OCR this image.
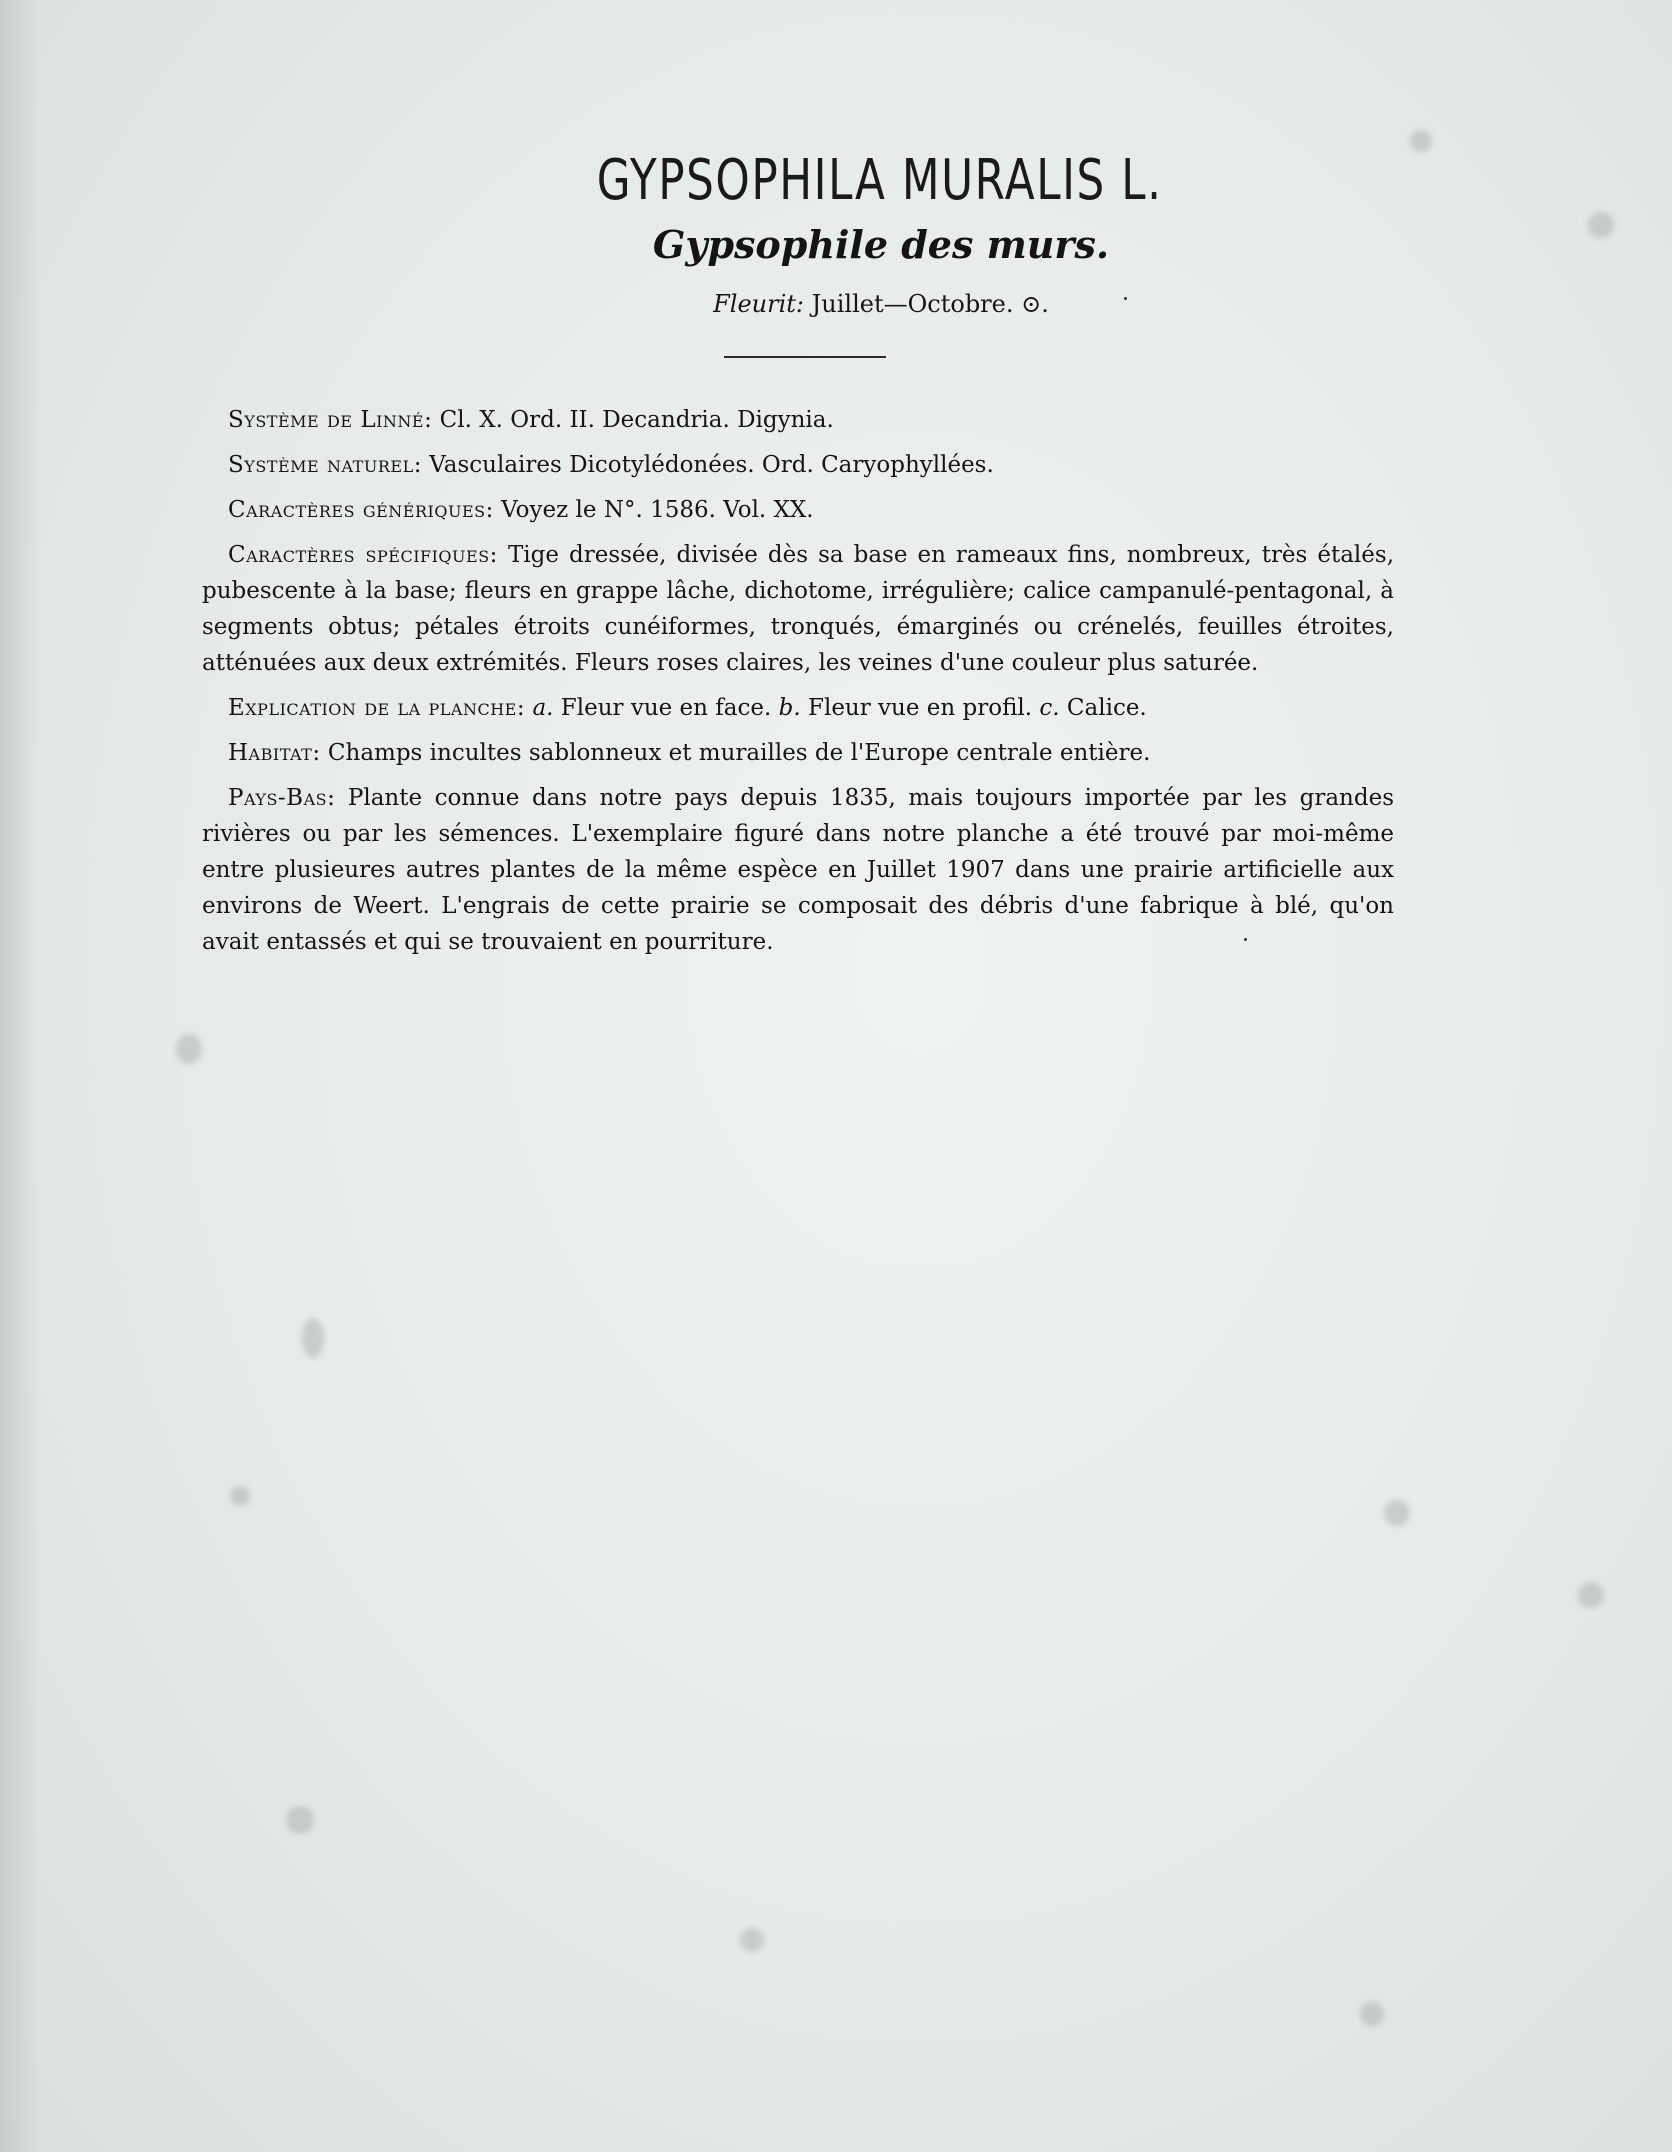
GYPSOPHILA MURALIS L.
Gypsophile des murs.
Fleurit: Juillet—Octobre. ⊙.

Système de Linné: Cl. X. Ord. II. Decandria. Digynia.

Système naturel: Vasculaires Dicotylédonées. Ord. Caryophyllées.

Caractères génériques: Voyez le N°. 1586. Vol. XX.

Caractères spécifiques: Tige dressée, divisée dès sa base en rameaux fins, nombreux, très étalés, pubescente à la base; fleurs en grappe lâche, dichotome, irrégulière; calice campanulé-pentagonal, à segments obtus; pétales étroits cunéiformes, tronqués, émarginés ou crénelés, feuilles étroites, atténuées aux deux extrémités. Fleurs roses claires, les veines d'une couleur plus saturée.

Explication de la planche: a. Fleur vue en face. b. Fleur vue en profil. c. Calice.

Habitat: Champs incultes sablonneux et murailles de l'Europe centrale entière.

Pays-Bas: Plante connue dans notre pays depuis 1835, mais toujours importée par les grandes rivières ou par les sémences. L'exemplaire figuré dans notre planche a été trouvé par moi-même entre plusieures autres plantes de la même espèce en Juillet 1907 dans une prairie artificielle aux environs de Weert. L'engrais de cette prairie se composait des débris d'une fabrique à blé, qu'on avait entassés et qui se trouvaient en pourriture.
